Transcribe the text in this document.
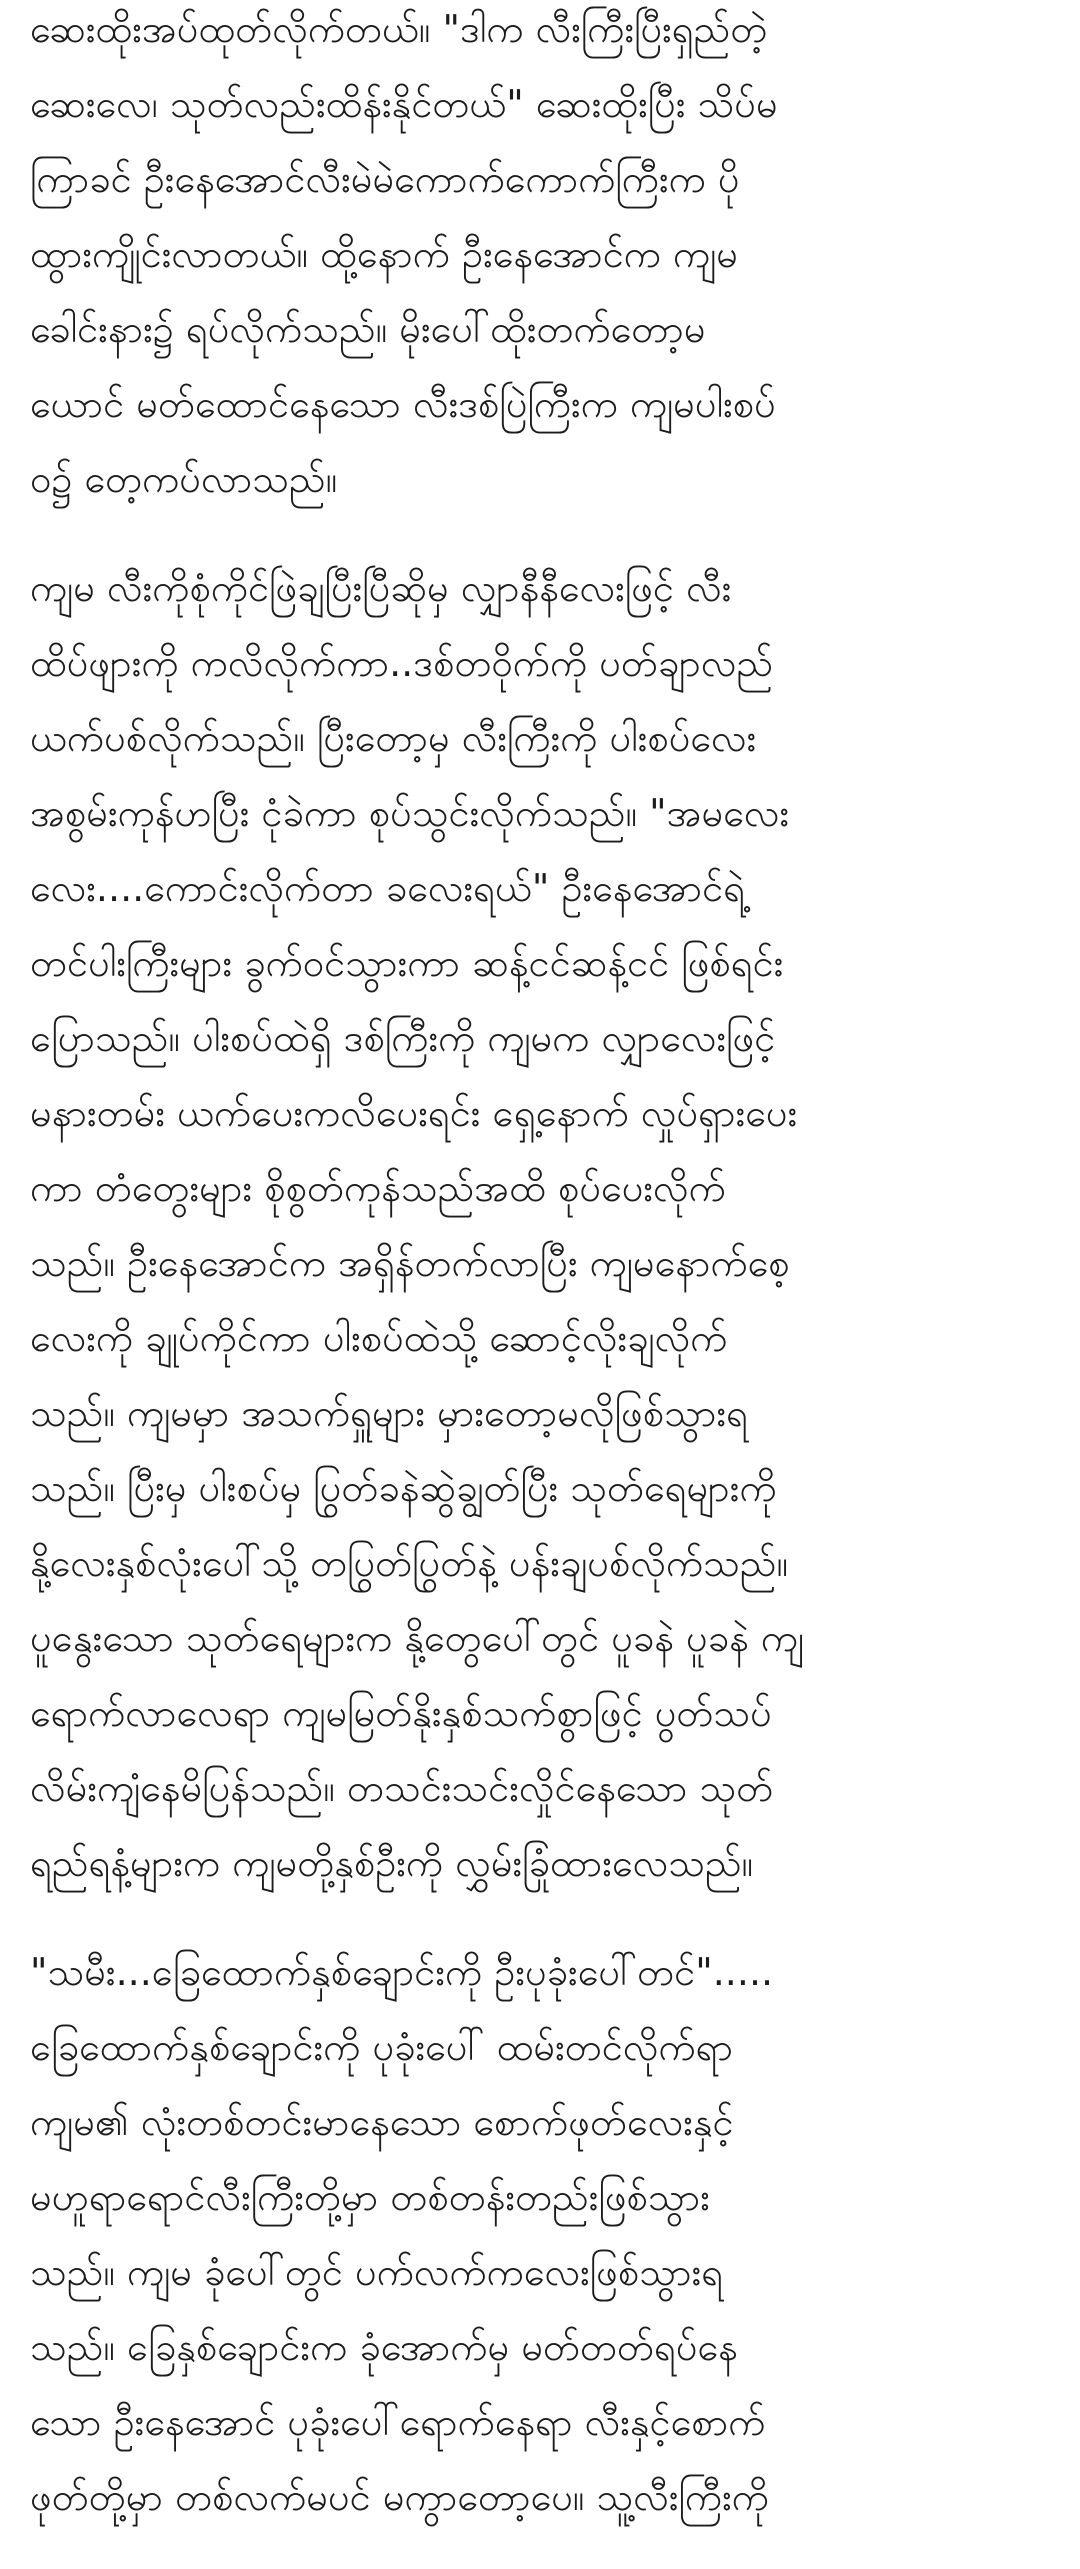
ဆေးထိုးအပ်ထုတ်လိုက်တယ်။ "ဒါက လီးကြီးပြီးရှည်တဲ့
ဆေးလေ၊ သုတ်လည်းထိန်းနိုင်တယ်" ဆေးထိုးပြီး သိပ်မ
ကြာခင် ဦးနေအောင်လီးမဲမဲကောက်ကောက်ကြီးက ပို
ထွားကျိုင်းလာတယ်။ ထို့နောက် ဦးနေအောင်က ကျမ
ခေါင်းနား၌ ရပ်လိုက်သည်။ မိုးပေါ်ထိုးတက်တော့မ
ယောင် မတ်ထောင်နေသော လီးဒစ်ပြဲကြီးက ကျမပါးစပ်
ဝ၌ တေ့ကပ်လာသည်။
ကျမ လီးကိုစုံကိုင်ဖြဲချပြီးပြီဆိုမှ လျှာနီနီလေးဖြင့် လီး
ထိပ်ဖျားကို ကလိလိုက်ကာ..ဒစ်တဝိုက်ကို ပတ်ချာလည်
ယက်ပစ်လိုက်သည်။ ပြီးတော့မှ လီးကြီးကို ပါးစပ်လေး
အစွမ်းကုန်ဟပြီး ငုံခဲကာ စုပ်သွင်းလိုက်သည်။ "အမလေး
လေး....ကောင်းလိုက်တာ ခလေးရယ်" ဦးနေအောင်ရဲ့
တင်ပါးကြီးများ ခွက်ဝင်သွားကာ ဆန့်ငင်ဆန့်ငင် ဖြစ်ရင်း
ပြောသည်။ ပါးစပ်ထဲရှိ ဒစ်ကြီးကို ကျမက လျှာလေးဖြင့်
မနားတမ်း ယက်ပေးကလိပေးရင်း ရှေ့နောက် လှုပ်ရှားပေး
ကာ တံတွေးများ စိုစွတ်ကုန်သည်အထိ စုပ်ပေးလိုက်
သည်။ ဦးနေအောင်က အရှိန်တက်လာပြီး ကျမနောက်စေ့
လေးကို ချုပ်ကိုင်ကာ ပါးစပ်ထဲသို့ ဆောင့်လိုးချလိုက်
သည်။ ကျမမှာ အသက်ရှူများ မှားတော့မလိုဖြစ်သွားရ
သည်။ ပြီးမှ ပါးစပ်မှ ပြွတ်ခနဲဆွဲချွတ်ပြီး သုတ်ရေများကို
နို့လေးနှစ်လုံးပေါ်သို့ တပြွတ်ပြွတ်နဲ့ ပန်းချပစ်လိုက်သည်။
ပူနွေးသော သုတ်ရေများက နို့တွေပေါ်တွင် ပူခနဲ ပူခနဲ ကျ
ရောက်လာလေရာ ကျမမြတ်နိုးနှစ်သက်စွာဖြင့် ပွတ်သပ်
လိမ်းကျံနေမိပြန်သည်။ တသင်းသင်းလှိုင်နေသော သုတ်
ရည်ရနံ့များက ကျမတို့နှစ်ဦးကို လွှမ်းခြုံထားလေသည်။
"သမီး...ခြေထောက်နှစ်ချောင်းကို ဦးပုခုံးပေါ်တင်".....
ခြေထောက်နှစ်ချောင်းကို ပုခုံးပေါ် ထမ်းတင်လိုက်ရာ
ကျမ၏ လုံးတစ်တင်းမာနေသော စောက်ဖုတ်လေးနှင့်
မဟူရာရောင်လီးကြီးတို့မှာ တစ်တန်းတည်းဖြစ်သွား
သည်။ ကျမ ခုံပေါ်တွင် ပက်လက်ကလေးဖြစ်သွားရ
သည်။ ခြေနှစ်ချောင်းက ခုံအောက်မှ မတ်တတ်ရပ်နေ
သော ဦးနေအောင် ပုခုံးပေါ်ရောက်နေရာ လီးနှင့်စောက်
ဖုတ်တို့မှာ တစ်လက်မပင် မကွာတော့ပေ။ သူ့လီးကြီးကို
